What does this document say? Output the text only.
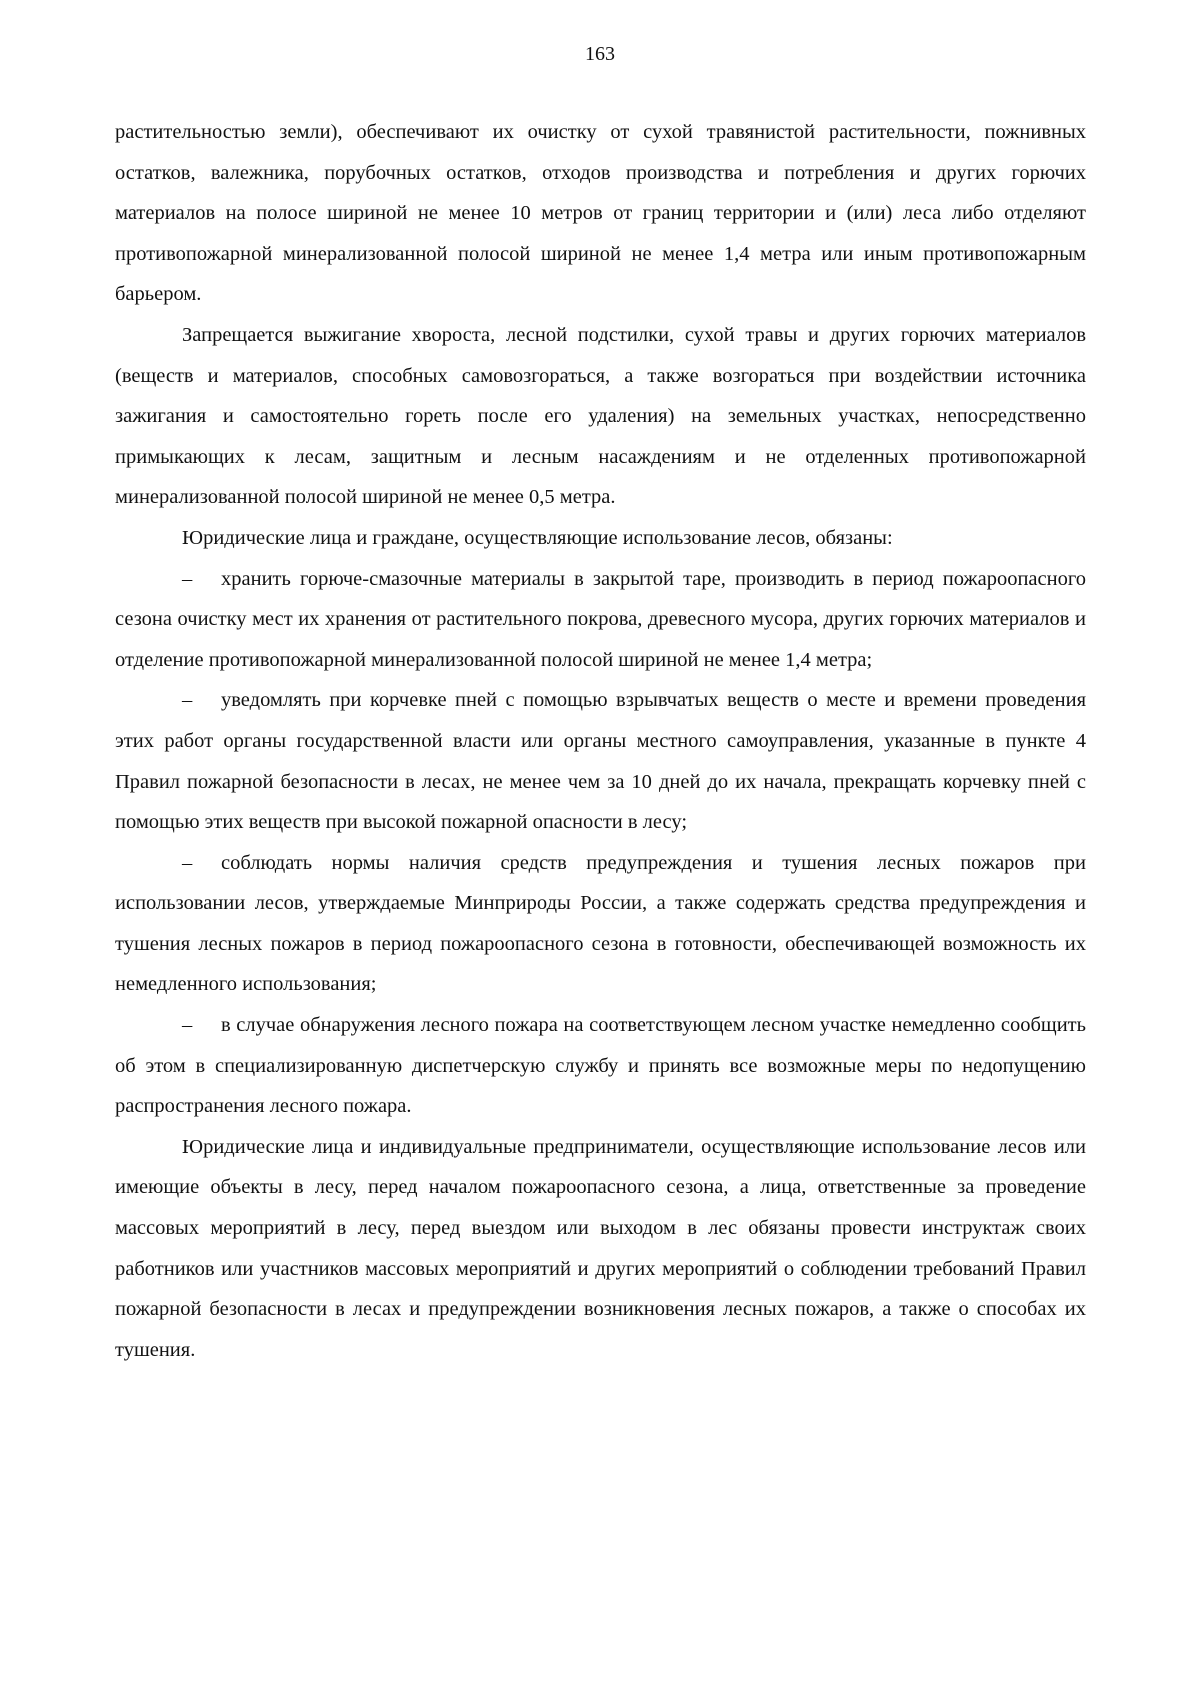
163

растительностью земли), обеспечивают их очистку от сухой травянистой растительности, пожнивных остатков, валежника, порубочных остатков, отходов производства и потребления и других горючих материалов на полосе шириной не менее 10 метров от границ территории и (или) леса либо отделяют противопожарной минерализованной полосой шириной не менее 1,4 метра или иным противопожарным барьером.

Запрещается выжигание хвороста, лесной подстилки, сухой травы и других горючих материалов (веществ и материалов, способных самовозгораться, а также возгораться при воздействии источника зажигания и самостоятельно гореть после его удаления) на земельных участках, непосредственно примыкающих к лесам, защитным и лесным насаждениям и не отделенных противопожарной минерализованной полосой шириной не менее 0,5 метра.

Юридические лица и граждане, осуществляющие использование лесов, обязаны:

– хранить горюче-смазочные материалы в закрытой таре, производить в период пожароопасного сезона очистку мест их хранения от растительного покрова, древесного мусора, других горючих материалов и отделение противопожарной минерализованной полосой шириной не менее 1,4 метра;

– уведомлять при корчевке пней с помощью взрывчатых веществ о месте и времени проведения этих работ органы государственной власти или органы местного самоуправления, указанные в пункте 4 Правил пожарной безопасности в лесах, не менее чем за 10 дней до их начала, прекращать корчевку пней с помощью этих веществ при высокой пожарной опасности в лесу;

– соблюдать нормы наличия средств предупреждения и тушения лесных пожаров при использовании лесов, утверждаемые Минприроды России, а также содержать средства предупреждения и тушения лесных пожаров в период пожароопасного сезона в готовности, обеспечивающей возможность их немедленного использования;

– в случае обнаружения лесного пожара на соответствующем лесном участке немедленно сообщить об этом в специализированную диспетчерскую службу и принять все возможные меры по недопущению распространения лесного пожара.

Юридические лица и индивидуальные предприниматели, осуществляющие использование лесов или имеющие объекты в лесу, перед началом пожароопасного сезона, а лица, ответственные за проведение массовых мероприятий в лесу, перед выездом или выходом в лес обязаны провести инструктаж своих работников или участников массовых мероприятий и других мероприятий о соблюдении требований Правил пожарной безопасности в лесах и предупреждении возникновения лесных пожаров, а также о способах их тушения.
